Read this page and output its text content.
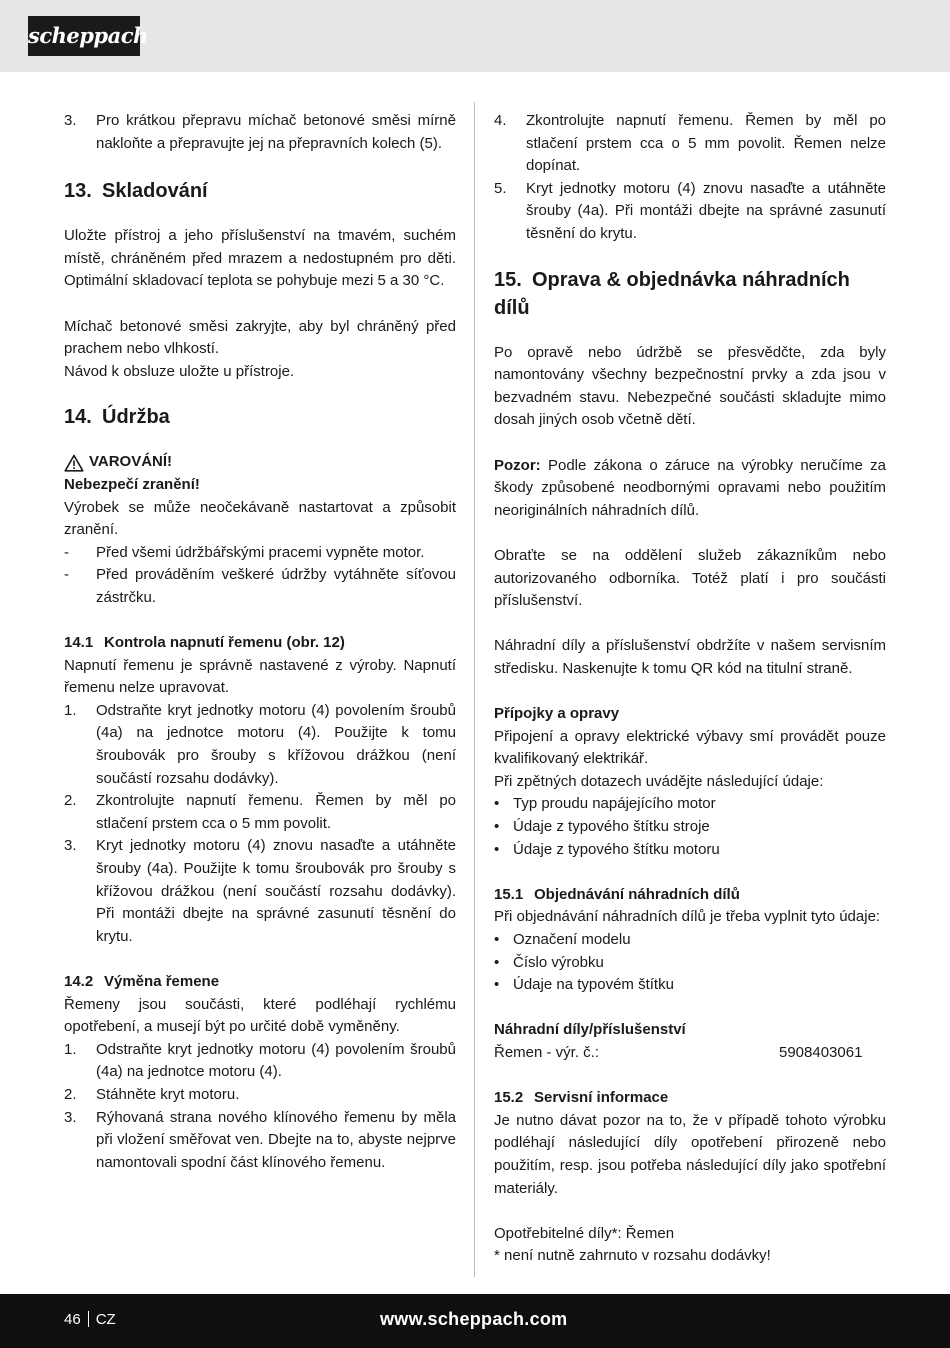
scheppach
3.	Pro krátkou přepravu míchač betonové směsi mírně nakloňte a přepravujte jej na přepravních kolech (5).
13. Skladování

Uložte přístroj a jeho příslušenství na tmavém, suchém místě, chráněném před mrazem a nedostupném pro děti. Optimální skladovací teplota se pohybuje mezi 5 a 30 °C.

Míchač betonové směsi zakryjte, aby byl chráněný před prachem nebo vlhkostí.

Návod k obsluze uložte u přístroje.

14. Údržba
VAROVÁNÍ!

Nebezpečí zranění!

Výrobek se může neočekávaně nastartovat a způsobit zranění.

-	Před všemi údržbářskými pracemi vypněte motor.
-	Před prováděním veškeré údržby vytáhněte síťovou zástrčku.

14.1 Kontrola napnutí řemenu (obr. 12)

Napnutí řemenu je správně nastavené z výroby. Napnutí řemenu nelze upravovat.

1.	Odstraňte kryt jednotky motoru (4) povolením šroubů (4a) na jednotce motoru (4). Použijte k tomu šroubovák pro šrouby s křížovou drážkou (není součástí rozsahu dodávky).
2.	Zkontrolujte napnutí řemenu. Řemen by měl po stlačení prstem cca o 5 mm povolit.
3.	Kryt jednotky motoru (4) znovu nasaďte a utáhněte šrouby (4a). Použijte k tomu šroubovák pro šrouby s křížovou drážkou (není součástí rozsahu dodávky). Při montáži dbejte na správné zasunutí těsnění do krytu.

14.2 Výměna řemene

Řemeny jsou součásti, které podléhají rychlému opotřebení, a musejí být po určité době vyměněny.

1.	Odstraňte kryt jednotky motoru (4) povolením šroubů (4a) na jednotce motoru (4).
2.	Stáhněte kryt motoru.
3.	Rýhovaná strana nového klínového řemenu by měla při vložení směřovat ven. Dbejte na to, abyste nejprve namontovali spodní část klínového řemenu.
4.	Zkontrolujte napnutí řemenu. Řemen by měl po stlačení prstem cca o 5 mm povolit. Řemen nelze dopínat.
5.	Kryt jednotky motoru (4) znovu nasaďte a utáhněte šrouby (4a). Při montáži dbejte na správné zasunutí těsnění do krytu.
15. Oprava & objednávka náhradních dílů

Po opravě nebo údržbě se přesvědčte, zda byly namontovány všechny bezpečnostní prvky a zda jsou v bezvadném stavu. Nebezpečné součásti skladujte mimo dosah jiných osob včetně dětí.

Pozor: Podle zákona o záruce na výrobky neručíme za škody způsobené neodbornými opravami nebo použitím neoriginálních náhradních dílů.

Obraťte se na oddělení služeb zákazníkům nebo autorizovaného odborníka. Totéž platí i pro součásti příslušenství.

Náhradní díly a příslušenství obdržíte v našem servisním středisku. Naskenujte k tomu QR kód na titulní straně.

Přípojky a opravy

Připojení a opravy elektrické výbavy smí provádět pouze kvalifikovaný elektrikář.

Při zpětných dotazech uvádějte následující údaje:

• Typ proudu napájejícího motor
• Údaje z typového štítku stroje
• Údaje z typového štítku motoru

15.1 Objednávání náhradních dílů

Při objednávání náhradních dílů je třeba vyplnit tyto údaje:

• Označení modelu
• Číslo výrobku
• Údaje na typovém štítku

Náhradní díly/příslušenství

Řemen - výr. č.:	5908403061

15.2 Servisní informace

Je nutno dávat pozor na to, že v případě tohoto výrobku podléhají následující díly opotřebení přirozeně nebo použitím, resp. jsou potřeba následující díly jako spotřební materiály.

Opotřebitelné díly*: Řemen

* není nutně zahrnuto v rozsahu dodávky!

46 CZ	www.scheppach.com
